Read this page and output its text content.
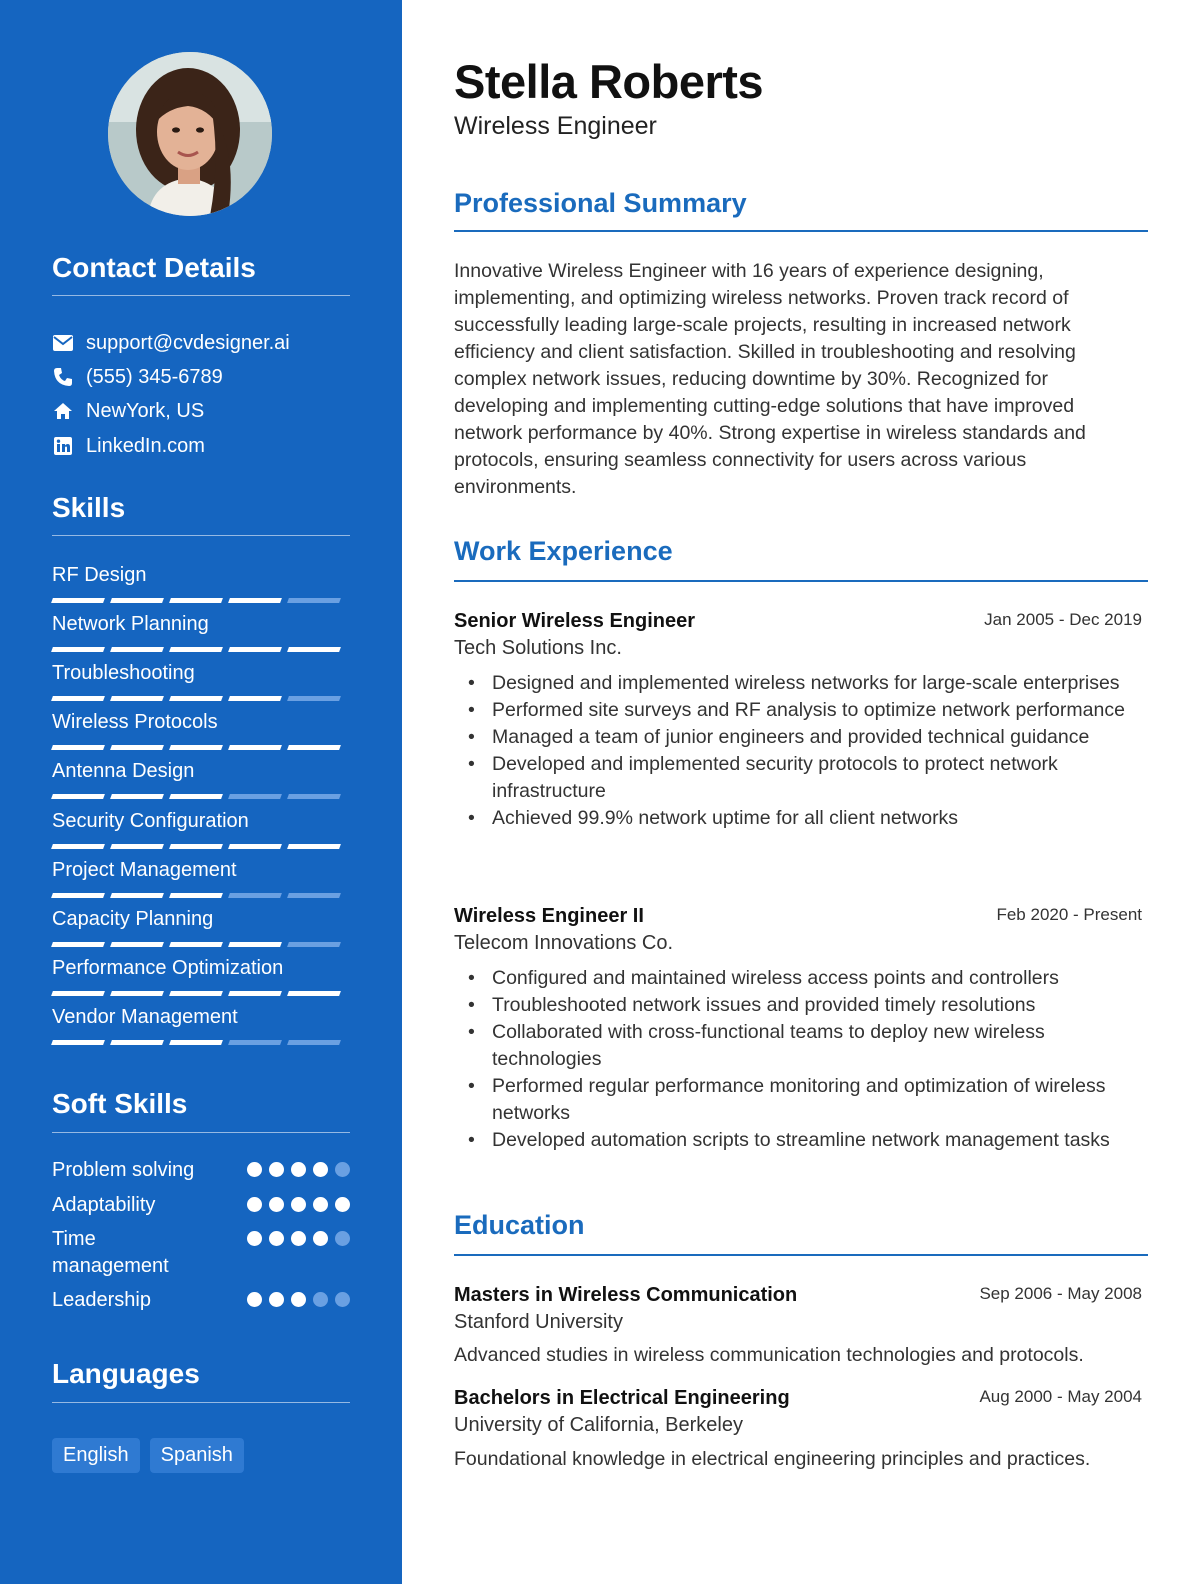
Contact Details
support@cvdesigner.ai
(555) 345-6789
NewYork, US
LinkedIn.com
Skills
RF Design
Network Planning
Troubleshooting
Wireless Protocols
Antenna Design
Security Configuration
Project Management
Capacity Planning
Performance Optimization
Vendor Management
Soft Skills
Problem solving
Adaptability
Time management
Leadership
Languages
English	Spanish
Stella Roberts
Wireless Engineer
Professional Summary
Innovative Wireless Engineer with 16 years of experience designing, implementing, and optimizing wireless networks. Proven track record of successfully leading large-scale projects, resulting in increased network efficiency and client satisfaction. Skilled in troubleshooting and resolving complex network issues, reducing downtime by 30%. Recognized for developing and implementing cutting-edge solutions that have improved network performance by 40%. Strong expertise in wireless standards and protocols, ensuring seamless connectivity for users across various environments.
Work Experience
Senior Wireless Engineer	Jan 2005 - Dec 2019
Tech Solutions Inc.
• Designed and implemented wireless networks for large-scale enterprises
• Performed site surveys and RF analysis to optimize network performance
• Managed a team of junior engineers and provided technical guidance
• Developed and implemented security protocols to protect network infrastructure
• Achieved 99.9% network uptime for all client networks
Wireless Engineer II	Feb 2020 - Present
Telecom Innovations Co.
• Configured and maintained wireless access points and controllers
• Troubleshooted network issues and provided timely resolutions
• Collaborated with cross-functional teams to deploy new wireless technologies
• Performed regular performance monitoring and optimization of wireless networks
• Developed automation scripts to streamline network management tasks
Education
Masters in Wireless Communication	Sep 2006 - May 2008
Stanford University
Advanced studies in wireless communication technologies and protocols.
Bachelors in Electrical Engineering	Aug 2000 - May 2004
University of California, Berkeley
Foundational knowledge in electrical engineering principles and practices.
